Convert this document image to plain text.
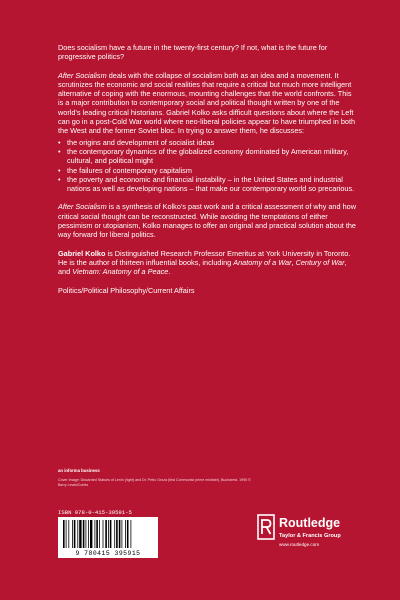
Does socialism have a future in the twenty-first century? If not, what is the future for progressive politics?

After Socialism deals with the collapse of socialism both as an idea and a movement. It scrutinizes the economic and social realities that require a critical but much more intelligent alternative of coping with the enormous, mounting challenges that the world confronts. This is a major contribution to contemporary social and political thought written by one of the world’s leading critical historians. Gabriel Kolko asks difficult questions about where the Left can go in a post-Cold War world where neo-liberal policies appear to have triumphed in both the West and the former Soviet bloc. In trying to answer them, he discusses:

• the origins and development of socialist ideas
• the contemporary dynamics of the globalized economy dominated by American military, cultural, and political might
• the failures of contemporary capitalism
• the poverty and economic and financial instability – in the United States and industrial nations as well as developing nations – that make our contemporary world so precarious.

After Socialism is a synthesis of Kolko’s past work and a critical assessment of why and how critical social thought can be reconstructed. While avoiding the temptations of either pessimism or utopianism, Kolko manages to offer an original and practical solution about the way forward for liberal politics.

Gabriel Kolko is Distinguished Research Professor Emeritus at York University in Toronto. He is the author of thirteen influential books, including Anatomy of a War, Century of War, and Vietnam: Anatomy of a Peace.

Politics/Political Philosophy/Current Affairs

an informa business
Cover Image: Discarded Statues of Lenin (right) and Dr. Petru Groza (first Communist prime minister), Bucharest. 1995 © Barry Lewis/Corbis
ISBN 978-0-415-39591-5
9 780415 395915
Routledge
Taylor & Francis Group
www.routledge.com
